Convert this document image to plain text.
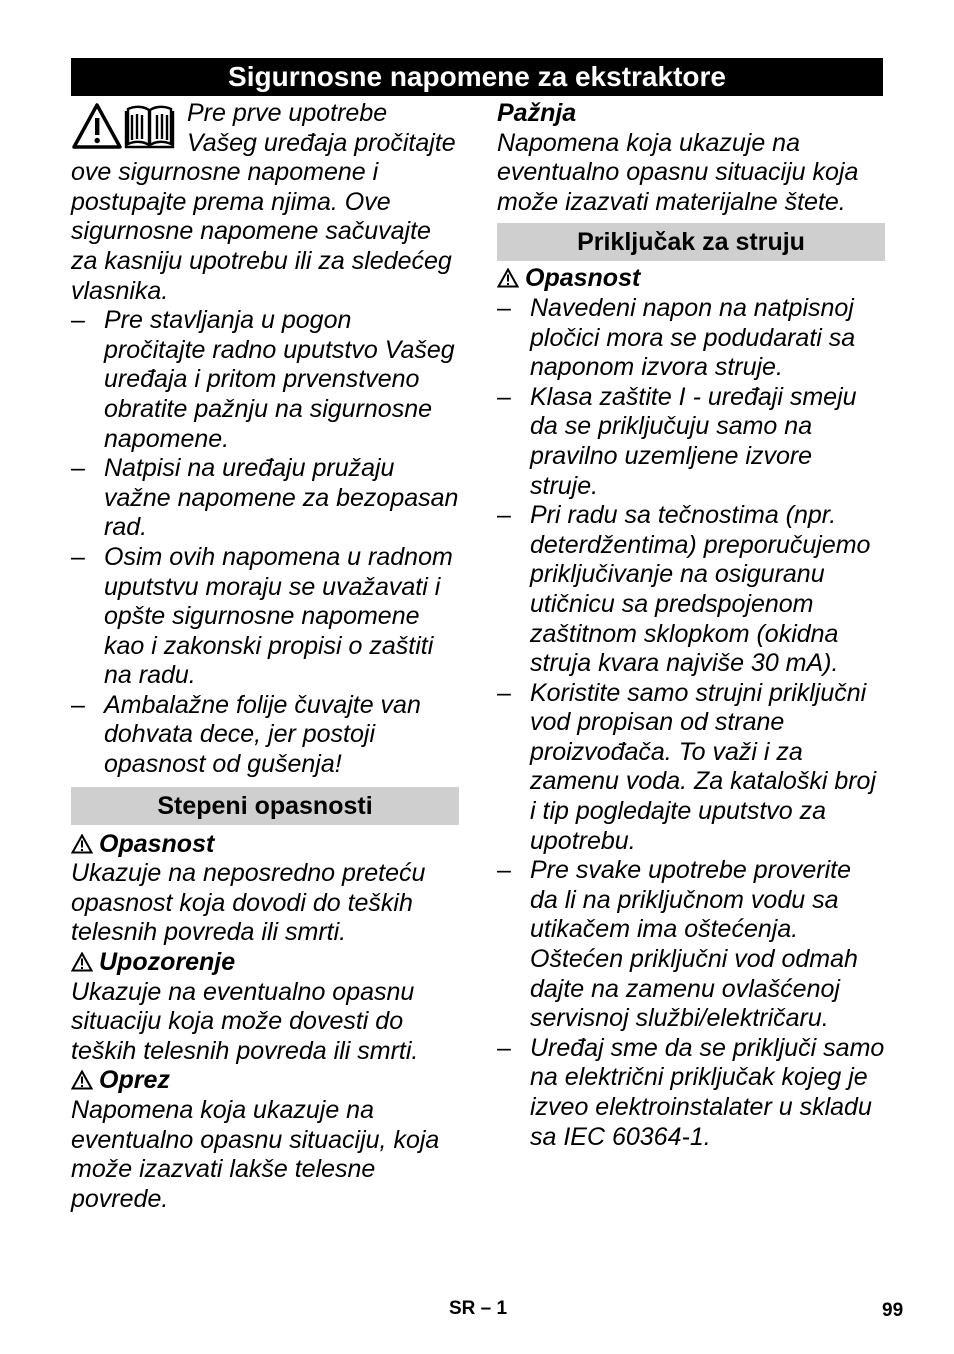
Sigurnosne napomene za ekstraktore

Pre prve upotrebe Vašeg uređaja pročitajte ove sigurnosne napomene i postupajte prema njima. Ove sigurnosne napomene sačuvajte za kasniju upotrebu ili za sledećeg vlasnika.

– Pre stavljanja u pogon pročitajte radno uputstvo Vašeg uređaja i pritom prvenstveno obratite pažnju na sigurnosne napomene.

– Natpisi na uređaju pružaju važne napomene za bezopasan rad.

– Osim ovih napomena u radnom uputstvu moraju se uvažavati i opšte sigurnosne napomene kao i zakonski propisi o zaštiti na radu.

– Ambalažne folije čuvajte van dohvata dece, jer postoji opasnost od gušenja!

Stepeni opasnosti

Opasnost

Ukazuje na neposredno preteću opasnost koja dovodi do teških telesnih povreda ili smrti.

Upozorenje

Ukazuje na eventualno opasnu situaciju koja može dovesti do teških telesnih povreda ili smrti.

Oprez

Napomena koja ukazuje na eventualno opasnu situaciju, koja može izazvati lakše telesne povrede.

Pažnja

Napomena koja ukazuje na eventualno opasnu situaciju koja može izazvati materijalne štete.

Priključak za struju

Opasnost

– Navedeni napon na natpisnoj pločici mora se podudarati sa naponom izvora struje.

– Klasa zaštite I - uređaji smeju da se priključuju samo na pravilno uzemljene izvore struje.

– Pri radu sa tečnostima (npr. deterdžentima) preporučujemo priključivanje na osiguranu utičnicu sa predspojenom zaštitnom sklopkom (okidna struja kvara najviše 30 mA).

– Koristite samo strujni priključni vod propisan od strane proizvođača. To važi i za zamenu voda. Za kataloški broj i tip pogledajte uputstvo za upotrebu.

– Pre svake upotrebe proverite da li na priključnom vodu sa utikačem ima oštećenja. Oštećen priključni vod odmah dajte na zamenu ovlašćenoj servisnoj službi/električaru.

– Uređaj sme da se priključi samo na električni priključak kojeg je izveo elektroinstalater u skladu sa IEC 60364-1.

SR – 1	99
